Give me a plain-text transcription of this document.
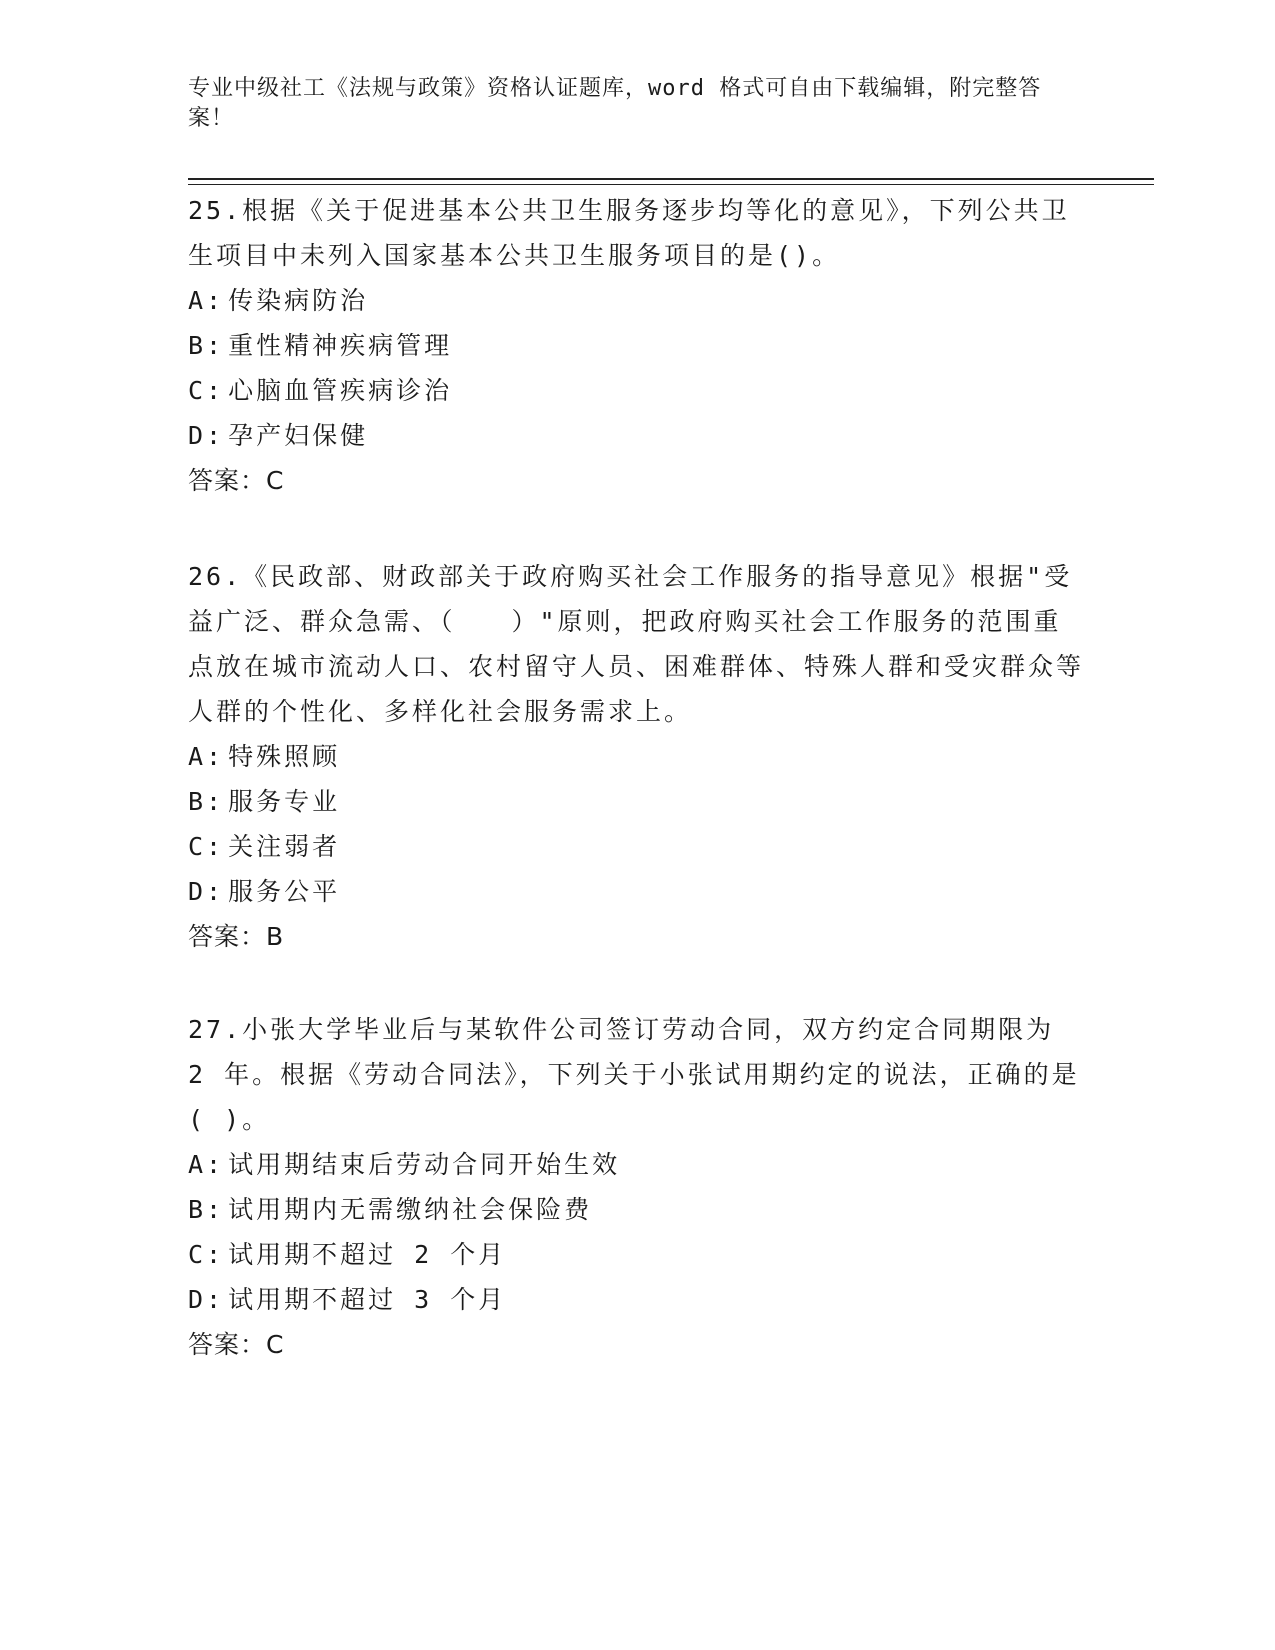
专业中级社工《法规与政策》资格认证题库，word 格式可自由下载编辑，附完整答案！

25.根据《关于促进基本公共卫生服务逐步均等化的意见》，下列公共卫生项目中未列入国家基本公共卫生服务项目的是()。

A: 传染病防治

B: 重性精神疾病管理

C: 心脑血管疾病诊治

D: 孕产妇保健

答案：C

26.《民政部、财政部关于政府购买社会工作服务的指导意见》根据"受益广泛、群众急需、（　　）"原则，把政府购买社会工作服务的范围重点放在城市流动人口、农村留守人员、困难群体、特殊人群和受灾群众等人群的个性化、多样化社会服务需求上。

A: 特殊照顾

B: 服务专业

C: 关注弱者

D: 服务公平

答案：B

27.小张大学毕业后与某软件公司签订劳动合同，双方约定合同期限为 2 年。根据《劳动合同法》，下列关于小张试用期约定的说法，正确的是( )。

A: 试用期结束后劳动合同开始生效

B: 试用期内无需缴纳社会保险费

C: 试用期不超过 2 个月

D: 试用期不超过 3 个月

答案：C
